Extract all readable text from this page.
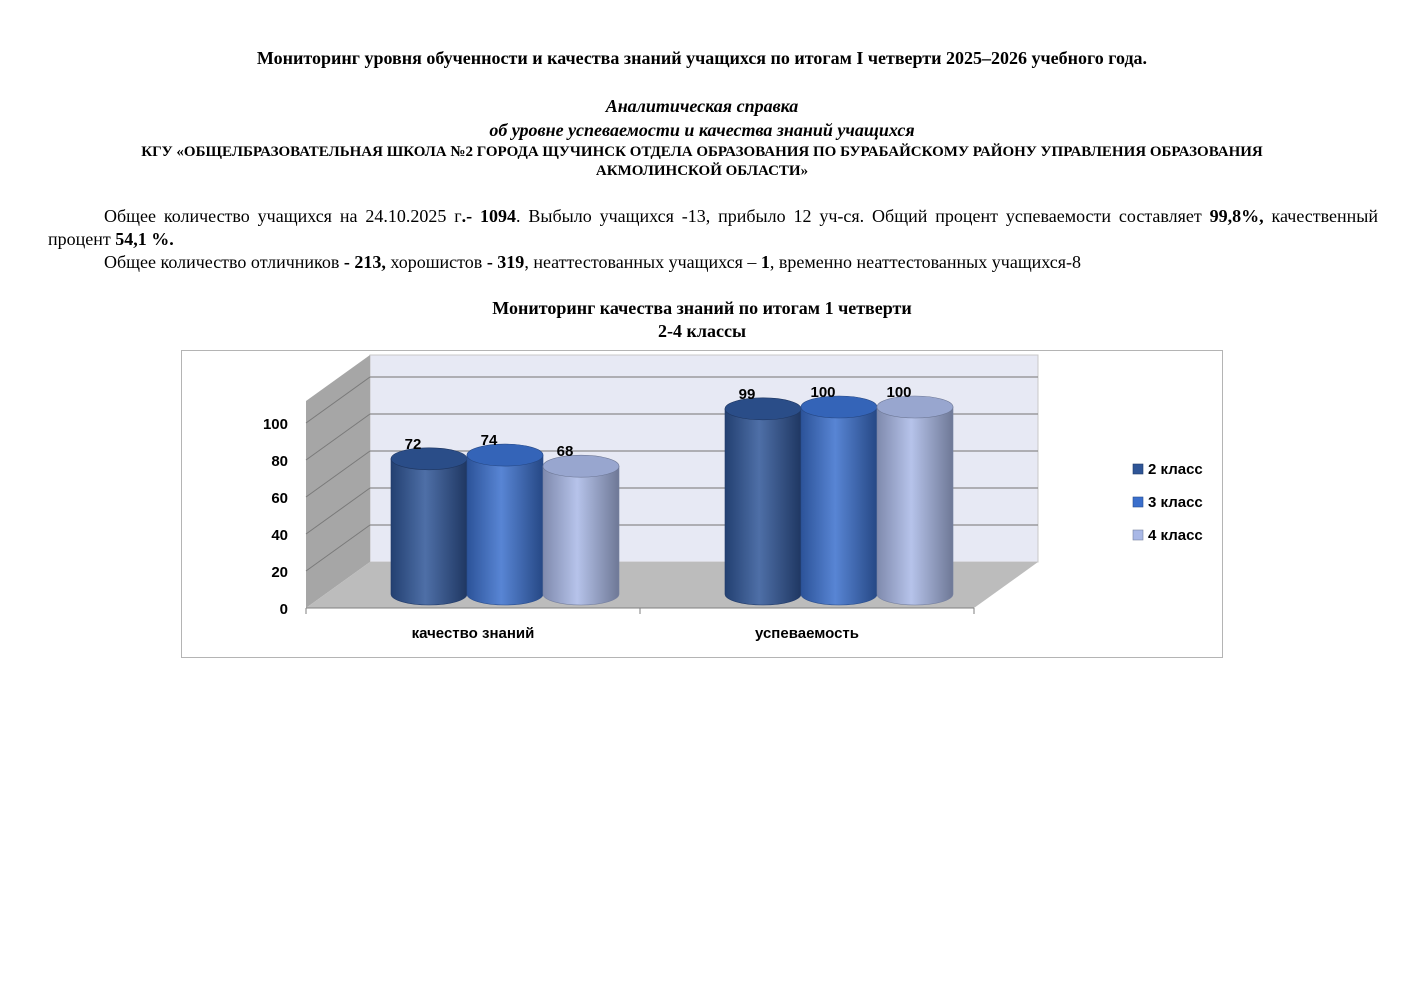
Мониторинг уровня обученности и качества знаний учащихся по итогам I четверти 2025–2026 учебного года.
Аналитическая справка
об уровне успеваемости и качества знаний учащихся
КГУ «ОБЩЕЛБРАЗОВАТЕЛЬНАЯ ШКОЛА №2 ГОРОДА ЩУЧИНСК ОТДЕЛА ОБРАЗОВАНИЯ ПО БУРАБАЙСКОМУ РАЙОНУ УПРАВЛЕНИЯ ОБРАЗОВАНИЯ
АКМОЛИНСКОЙ ОБЛАСТИ»
Общее количество учащихся на 24.10.2025 г.- 1094. Выбыло учащихся -13, прибыло 12 уч-ся. Общий процент успеваемости составляет 99,8%, качественный процент 54,1 %.
Общее количество отличников - 213, хорошистов - 319, неаттестованных учащихся – 1, временно неаттестованных учащихся-8
Мониторинг качества знаний по итогам 1 четверти
2-4 классы
0
20
40
60
80
100
72	74
68
качество знаний
99	100	100
успеваемость
2 класс
3 класс
4 класс
